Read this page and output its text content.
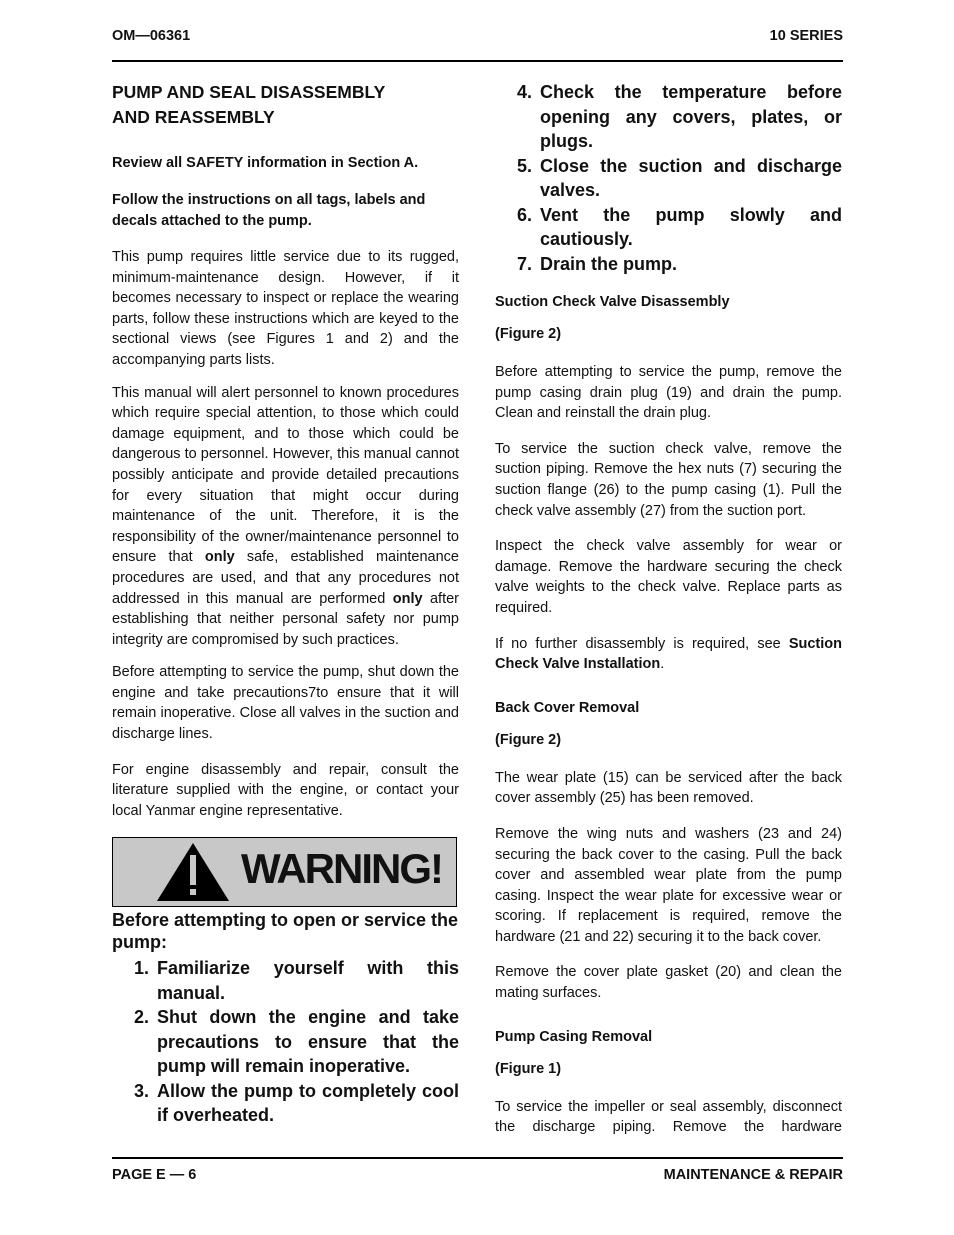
OM—06361	10 SERIES
PUMP AND SEAL DISASSEMBLY
AND REASSEMBLY

Review all SAFETY information in Section A.

Follow the instructions on all tags, labels and decals attached to the pump.

This pump requires little service due to its rugged, minimum-maintenance design. However, if it becomes necessary to inspect or replace the wearing parts, follow these instructions which are keyed to the sectional views (see Figures 1 and 2) and the accompanying parts lists.

This manual will alert personnel to known procedures which require special attention, to those which could damage equipment, and to those which could be dangerous to personnel. However, this manual cannot possibly anticipate and provide detailed precautions for every situation that might occur during maintenance of the unit. Therefore, it is the responsibility of the owner/maintenance personnel to ensure that only safe, established maintenance procedures are used, and that any procedures not addressed in this manual are performed only after establishing that neither personal safety nor pump integrity are compromised by such practices.

Before attempting to service the pump, shut down the engine and take precautions7to ensure that it will remain inoperative. Close all valves in the suction and discharge lines.

For engine disassembly and repair, consult the literature supplied with the engine, or contact your local Yanmar engine representative.

WARNING!

Before attempting to open or service the pump:

1. Familiarize yourself with this manual.
2. Shut down the engine and take precautions to ensure that the pump will remain inoperative.
3. Allow the pump to completely cool if overheated.
4. Check the temperature before opening any covers, plates, or plugs.
5. Close the suction and discharge valves.
6. Vent the pump slowly and cautiously.
7. Drain the pump.

Suction Check Valve Disassembly

(Figure 2)

Before attempting to service the pump, remove the pump casing drain plug (19) and drain the pump. Clean and reinstall the drain plug.

To service the suction check valve, remove the suction piping. Remove the hex nuts (7) securing the suction flange (26) to the pump casing (1). Pull the check valve assembly (27) from the suction port.

Inspect the check valve assembly for wear or damage. Remove the hardware securing the check valve weights to the check valve. Replace parts as required.

If no further disassembly is required, see Suction Check Valve Installation.

Back Cover Removal

(Figure 2)

The wear plate (15) can be serviced after the back cover assembly (25) has been removed.

Remove the wing nuts and washers (23 and 24) securing the back cover to the casing. Pull the back cover and assembled wear plate from the pump casing. Inspect the wear plate for excessive wear or scoring. If replacement is required, remove the hardware (21 and 22) securing it to the back cover.

Remove the cover plate gasket (20) and clean the mating surfaces.

Pump Casing Removal

(Figure 1)

To service the impeller or seal assembly, disconnect the discharge piping. Remove the hardware

PAGE E — 6	MAINTENANCE & REPAIR
